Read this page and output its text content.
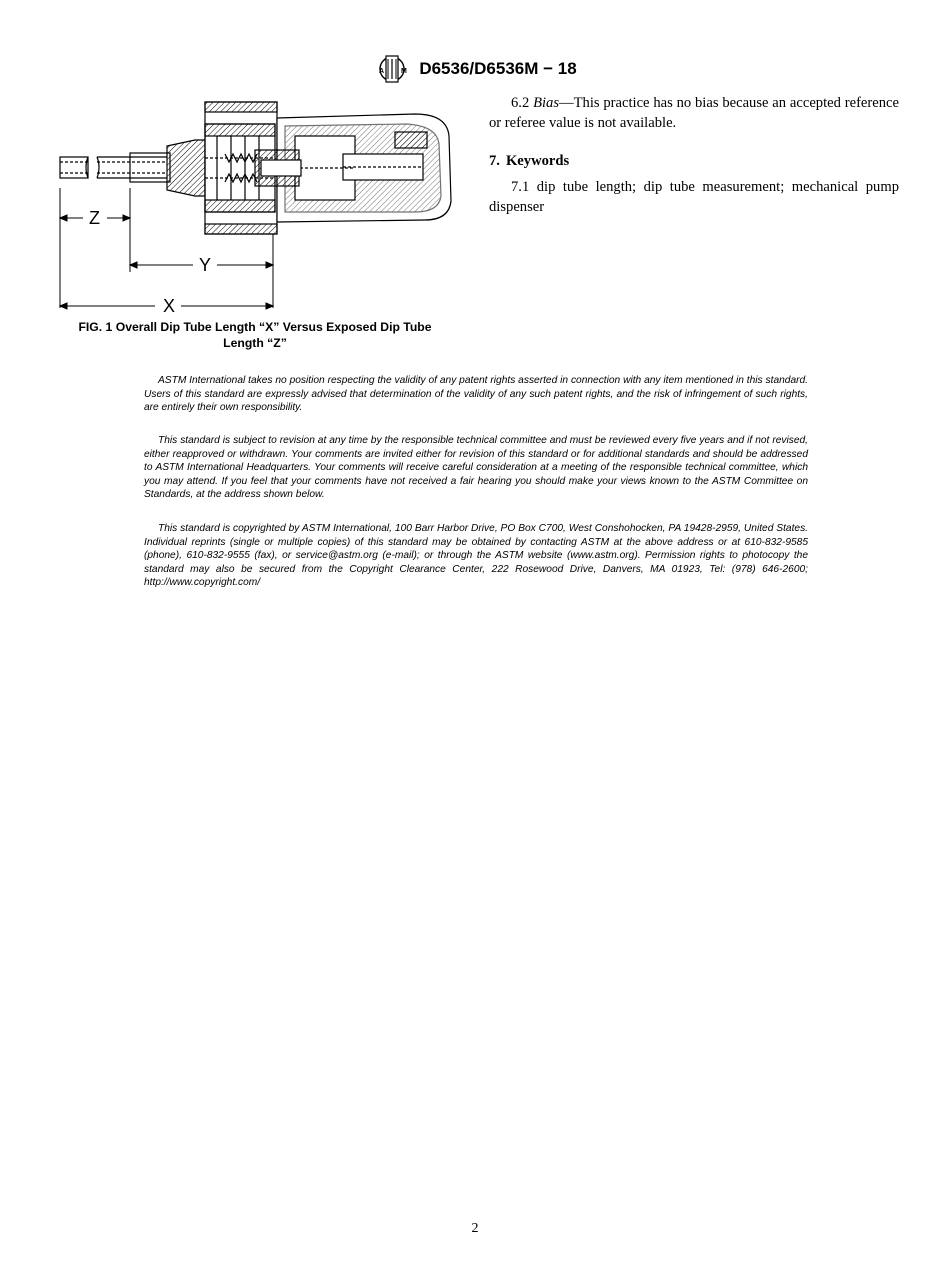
A M D6536/D6536M − 18
Z
Y
X
FIG. 1 Overall Dip Tube Length “X” Versus Exposed Dip Tube
Length “Z”

6.2 Bias—This practice has no bias because an accepted reference or referee value is not available.

7. Keywords

7.1 dip tube length; dip tube measurement; mechanical pump dispenser

ASTM International takes no position respecting the validity of any patent rights asserted in connection with any item mentioned in this standard. Users of this standard are expressly advised that determination of the validity of any such patent rights, and the risk of infringement of such rights, are entirely their own responsibility.

This standard is subject to revision at any time by the responsible technical committee and must be reviewed every five years and if not revised, either reapproved or withdrawn. Your comments are invited either for revision of this standard or for additional standards and should be addressed to ASTM International Headquarters. Your comments will receive careful consideration at a meeting of the responsible technical committee, which you may attend. If you feel that your comments have not received a fair hearing you should make your views known to the ASTM Committee on Standards, at the address shown below.

This standard is copyrighted by ASTM International, 100 Barr Harbor Drive, PO Box C700, West Conshohocken, PA 19428-2959, United States. Individual reprints (single or multiple copies) of this standard may be obtained by contacting ASTM at the above address or at 610-832-9585 (phone), 610-832-9555 (fax), or service@astm.org (e-mail); or through the ASTM website (www.astm.org). Permission rights to photocopy the standard may also be secured from the Copyright Clearance Center, 222 Rosewood Drive, Danvers, MA 01923, Tel: (978) 646-2600; http://www.copyright.com/

2
